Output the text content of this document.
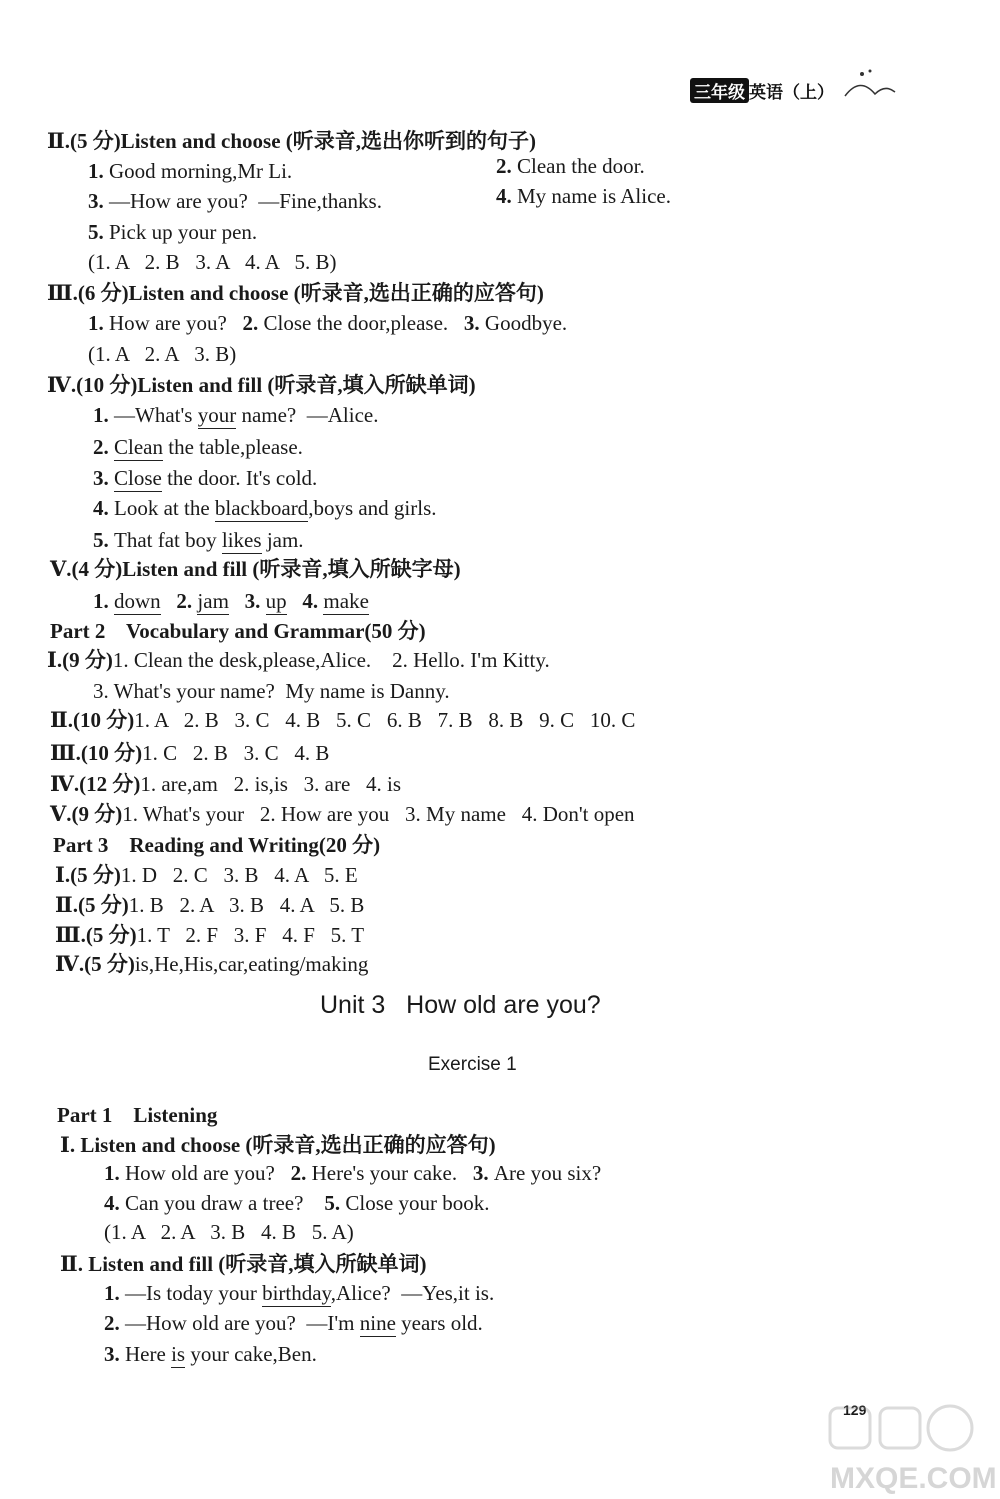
三年级 英语（上）
Ⅱ.(5 分)Listen and choose (听录音,选出你听到的句子)
1. Good morning,Mr Li.	2. Clean the door.
3. —How are you?  —Fine,thanks.	4. My name is Alice.
5. Pick up your pen.
(1. A   2. B   3. A   4. A   5. B)
Ⅲ.(6 分)Listen and choose (听录音,选出正确的应答句)
1. How are you?   2. Close the door,please.   3. Goodbye.
(1. A   2. A   3. B)
Ⅳ.(10 分)Listen and fill (听录音,填入所缺单词)
1. —What's your name?  —Alice.
2. Clean the table,please.
3. Close the door. It's cold.
4. Look at the blackboard,boys and girls.
5. That fat boy likes jam.
Ⅴ.(4 分)Listen and fill (听录音,填入所缺字母)
1. down 2. jam 3. up 4. make
Part 2    Vocabulary and Grammar(50 分)
Ⅰ.(9 分)1. Clean the desk,please,Alice.    2. Hello. I'm Kitty.
3. What's your name?  My name is Danny.
Ⅱ.(10 分)1. A   2. B   3. C   4. B   5. C   6. B   7. B   8. B   9. C   10. C
Ⅲ.(10 分)1. C   2. B   3. C   4. B
Ⅳ.(12 分)1. are,am   2. is,is   3. are   4. is
Ⅴ.(9 分)1. What's your   2. How are you   3. My name   4. Don't open
Part 3    Reading and Writing(20 分)
Ⅰ.(5 分)1. D   2. C   3. B   4. A   5. E
Ⅱ.(5 分)1. B   2. A   3. B   4. A   5. B
Ⅲ.(5 分)1. T   2. F   3. F   4. F   5. T
Ⅳ.(5 分)is,He,His,car,eating/making
Unit 3   How old are you?
Exercise 1
Part 1    Listening
Ⅰ. Listen and choose (听录音,选出正确的应答句)
1. How old are you?   2. Here's your cake.   3. Are you six?
4. Can you draw a tree?    5. Close your book.
(1. A   2. A   3. B   4. B   5. A)
Ⅱ. Listen and fill (听录音,填入所缺单词)
1. —Is today your birthday,Alice?  —Yes,it is.
2. —How old are you?  —I'm nine years old.
3. Here is your cake,Ben.
129
MXQE.COM
